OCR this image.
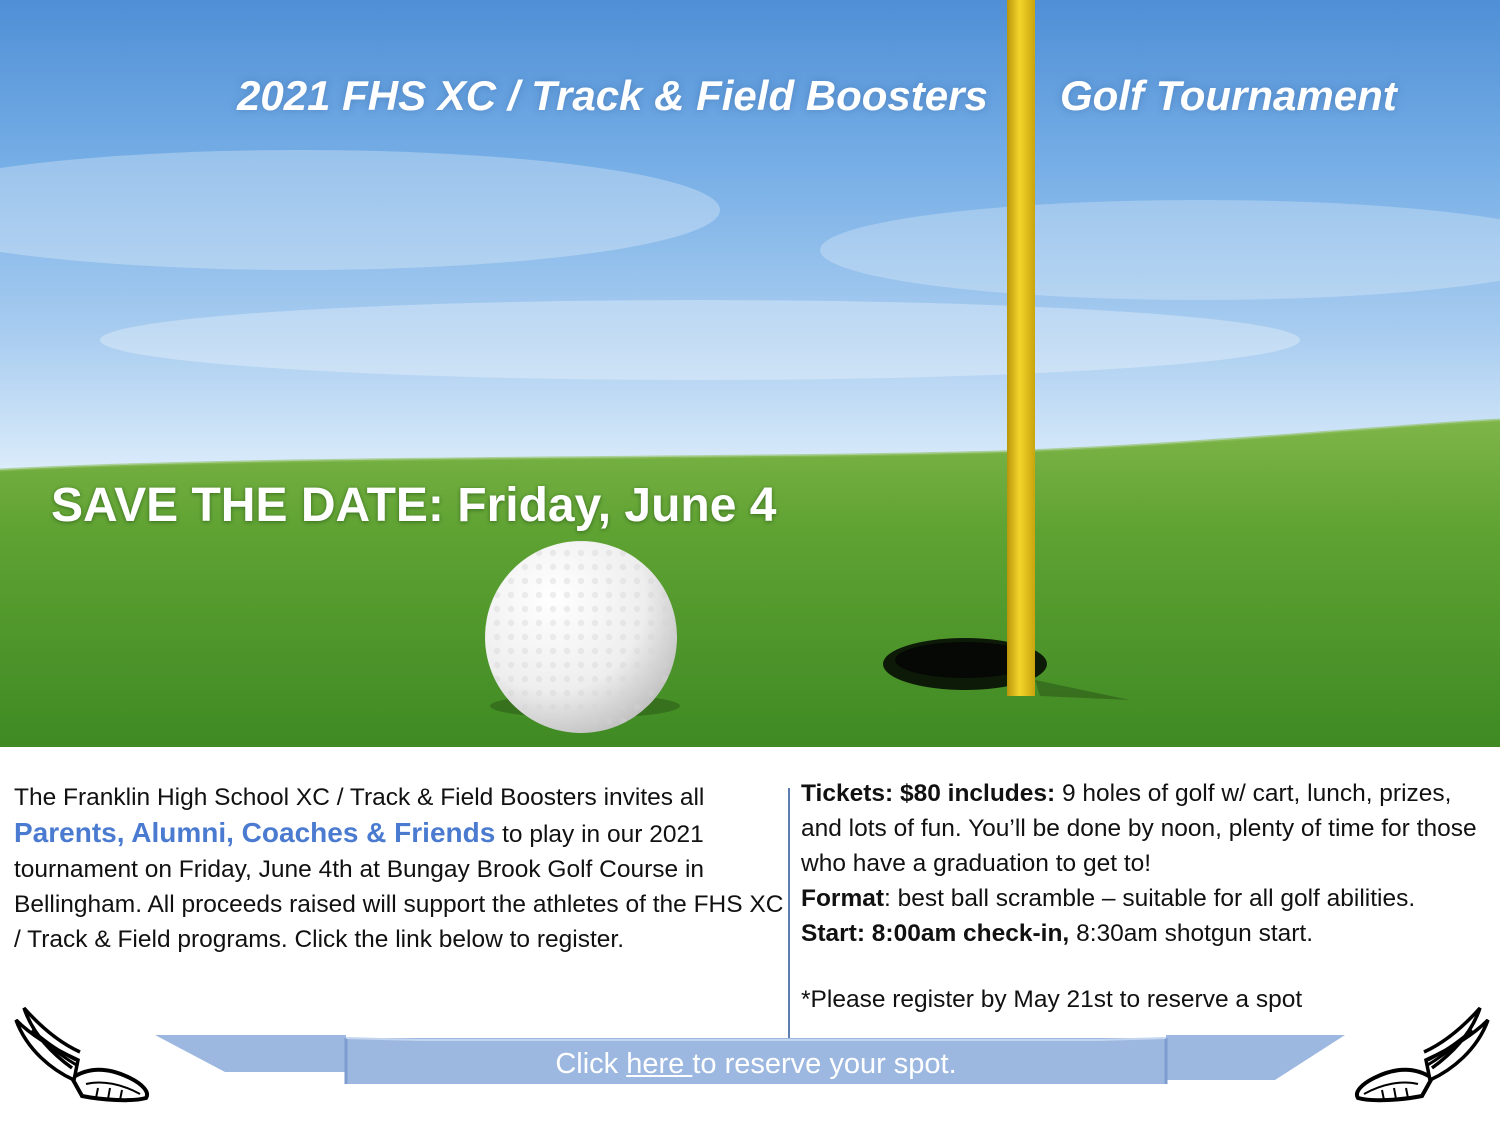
2021 FHS XC / Track & Field Boosters Golf Tournament
SAVE THE DATE: Friday, June 4
The Franklin High School XC / Track & Field Boosters invites all
Parents, Alumni, Coaches & Friends to play in our 2021 tournament on Friday, June 4th at Bungay Brook Golf Course in Bellingham. All proceeds raised will support the athletes of the FHS XC / Track & Field programs. Click the link below to register.
Tickets: $80 includes: 9 holes of golf w/ cart, lunch, prizes, and lots of fun. You’ll be done by noon, plenty of time for those who have a graduation to get to!
Format: best ball scramble – suitable for all golf abilities.
Start: 8:00am check-in, 8:30am shotgun start.
*Please register by May 21st to reserve a spot
Click here to reserve your spot.
